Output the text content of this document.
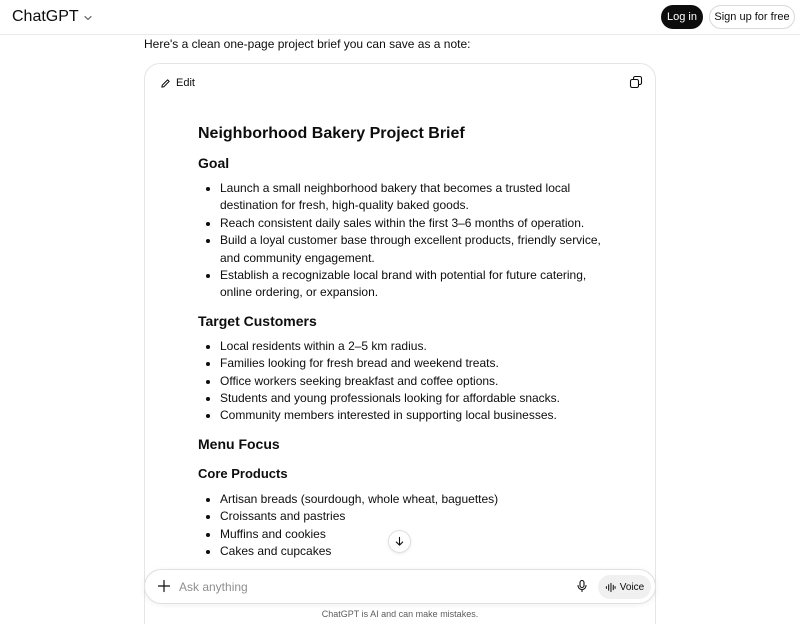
ChatGPT	Log in	Sign up for free
Here's a clean one-page project brief you can save as a note:
Edit
Neighborhood Bakery Project Brief
Goal
Launch a small neighborhood bakery that becomes a trusted local destination for fresh, high-quality baked goods.
Reach consistent daily sales within the first 3–6 months of operation.
Build a loyal customer base through excellent products, friendly service, and community engagement.
Establish a recognizable local brand with potential for future catering, online ordering, or expansion.
Target Customers
Local residents within a 2–5 km radius.
Families looking for fresh bread and weekend treats.
Office workers seeking breakfast and coffee options.
Students and young professionals looking for affordable snacks.
Community members interested in supporting local businesses.
Menu Focus
Core Products
Artisan breads (sourdough, whole wheat, baguettes)
Croissants and pastries
Muffins and cookies
Cakes and cupcakes
Ask anything
Voice
ChatGPT is AI and can make mistakes.
